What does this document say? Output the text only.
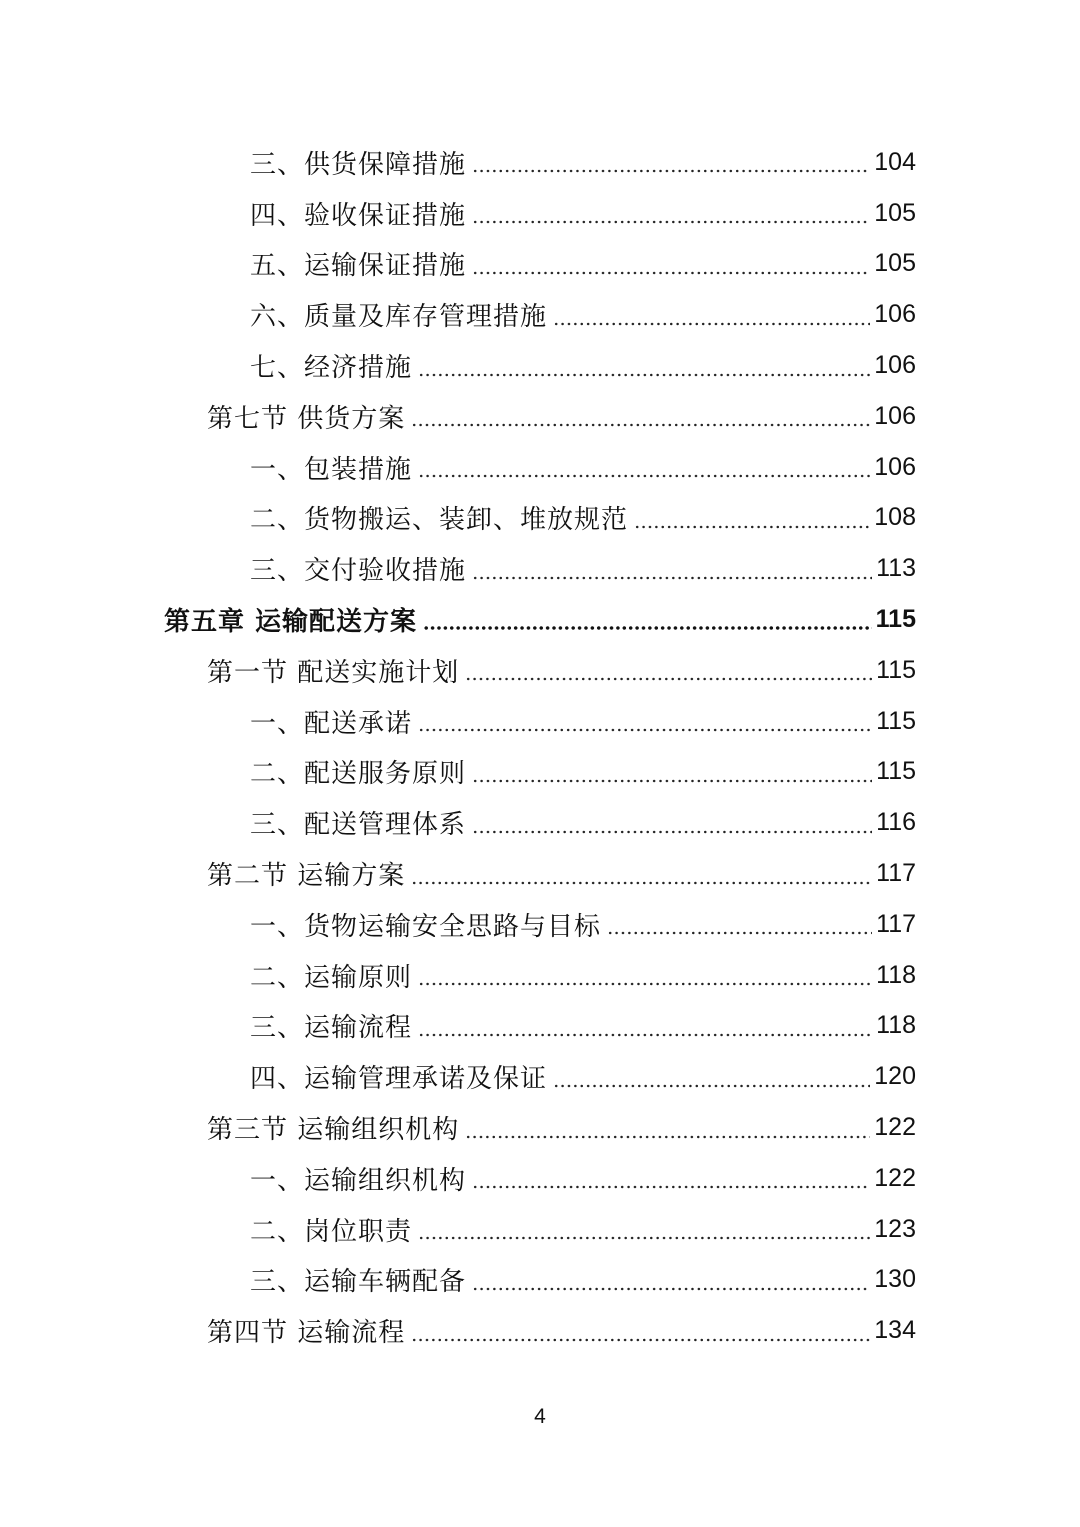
三、供货保障措施	104
四、验收保证措施	105
五、运输保证措施	105
六、质量及库存管理措施	106
七、经济措施	106
第七节 供货方案	106
一、包装措施	106
二、货物搬运、装卸、堆放规范	108
三、交付验收措施	113
第五章 运输配送方案	115
第一节 配送实施计划	115
一、配送承诺	115
二、配送服务原则	115
三、配送管理体系	116
第二节 运输方案	117
一、货物运输安全思路与目标	117
二、运输原则	118
三、运输流程	118
四、运输管理承诺及保证	120
第三节 运输组织机构	122
一、运输组织机构	122
二、岗位职责	123
三、运输车辆配备	130
第四节 运输流程	134
4
